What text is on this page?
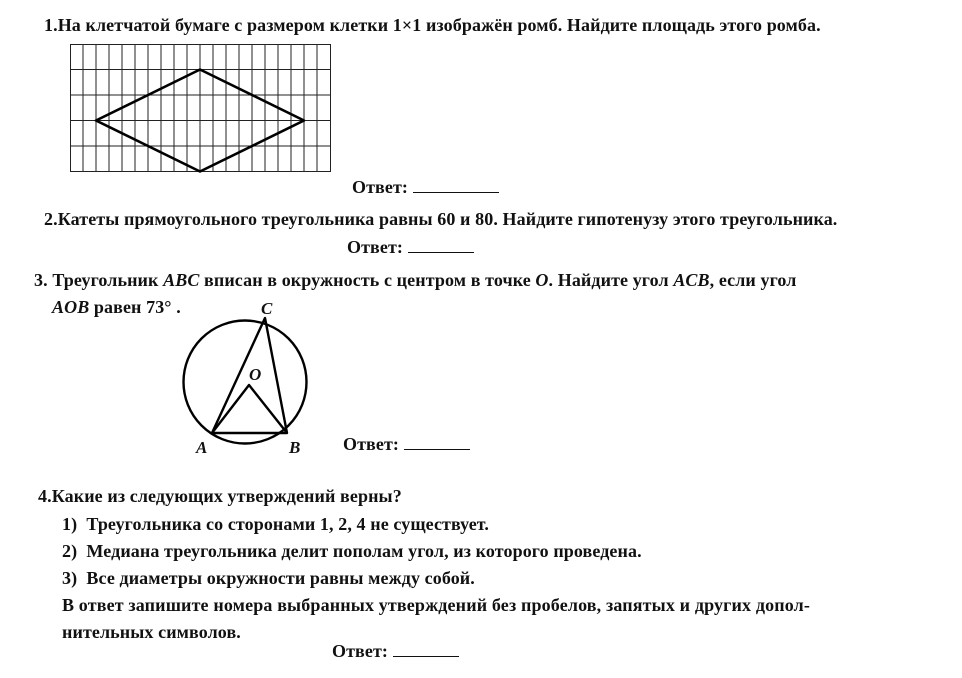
1.На клетчатой бумаге с размером клетки 1×1 изображён ромб. Найдите площадь этого ромба.
Ответ:
2.Катеты прямоугольного треугольника равны 60 и 80. Найдите гипотенузу этого треугольника.
Ответ:
3. Треугольник ABC вписан в окружность с центром в точке O. Найдите угол ACB, если угол
AOB равен 73° .	C
O
A	B Ответ:
4.Какие из следующих утверждений верны?
1) Треугольника со сторонами 1, 2, 4 не существует.
2) Медиана треугольника делит пополам угол, из которого проведена.
3) Все диаметры окружности равны между собой.
В ответ запишите номера выбранных утверждений без пробелов, запятых и других допол-
нительных символов.
Ответ:
